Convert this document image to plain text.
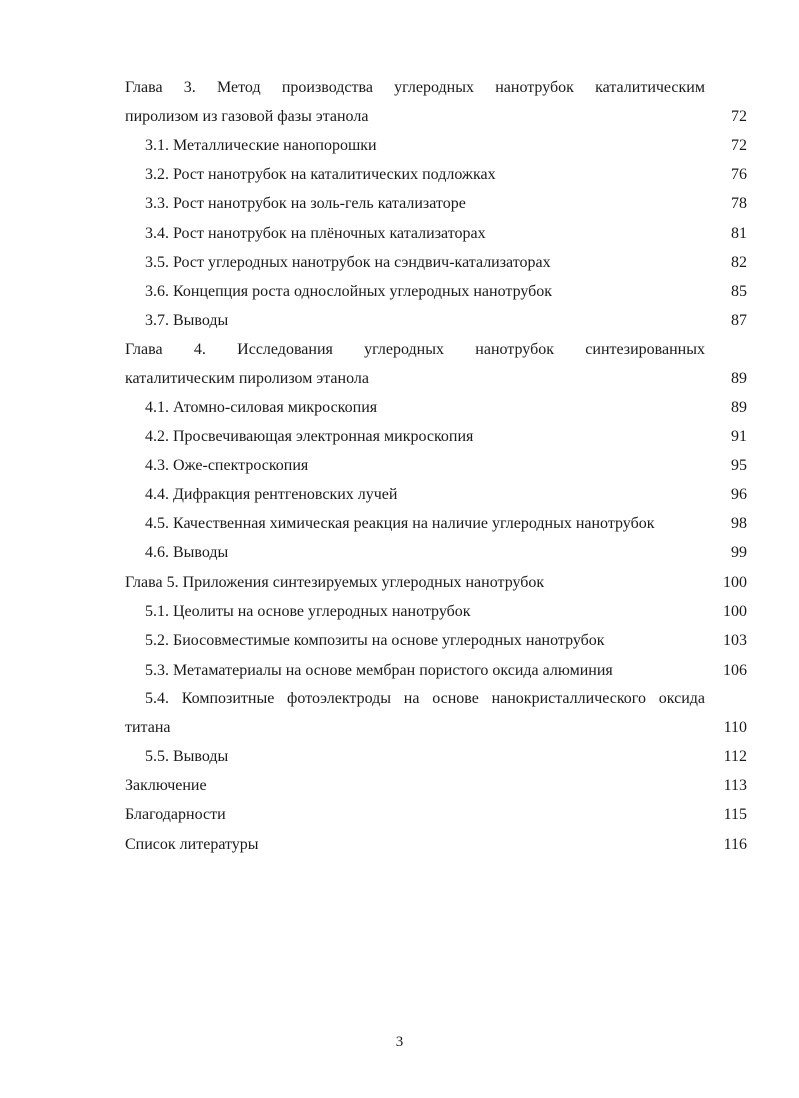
Глава 3. Метод производства углеродных нанотрубок каталитическим
пиролизом из газовой фазы этанола	72
3.1. Металлические нанопорошки	72
3.2. Рост нанотрубок на каталитических подложках	76
3.3. Рост нанотрубок на золь-гель катализаторе	78
3.4. Рост нанотрубок на плёночных катализаторах	81
3.5. Рост углеродных нанотрубок на сэндвич-катализаторах	82
3.6. Концепция роста однослойных углеродных нанотрубок	85
3.7. Выводы	87
Глава 4. Исследования углеродных нанотрубок синтезированных
каталитическим пиролизом этанола	89
4.1. Атомно-силовая микроскопия	89
4.2. Просвечивающая электронная микроскопия	91
4.3. Оже-спектроскопия	95
4.4. Дифракция рентгеновских лучей	96
4.5. Качественная химическая реакция на наличие углеродных нанотрубок	98
4.6. Выводы	99
Глава 5. Приложения синтезируемых углеродных нанотрубок	100
5.1. Цеолиты на основе углеродных нанотрубок	100
5.2. Биосовместимые композиты на основе углеродных нанотрубок	103
5.3. Метаматериалы на основе мембран пористого оксида алюминия	106
5.4. Композитные фотоэлектроды на основе нанокристаллического оксида
титана	110
5.5. Выводы	112
Заключение	113
Благодарности	115
Список литературы	116
3
